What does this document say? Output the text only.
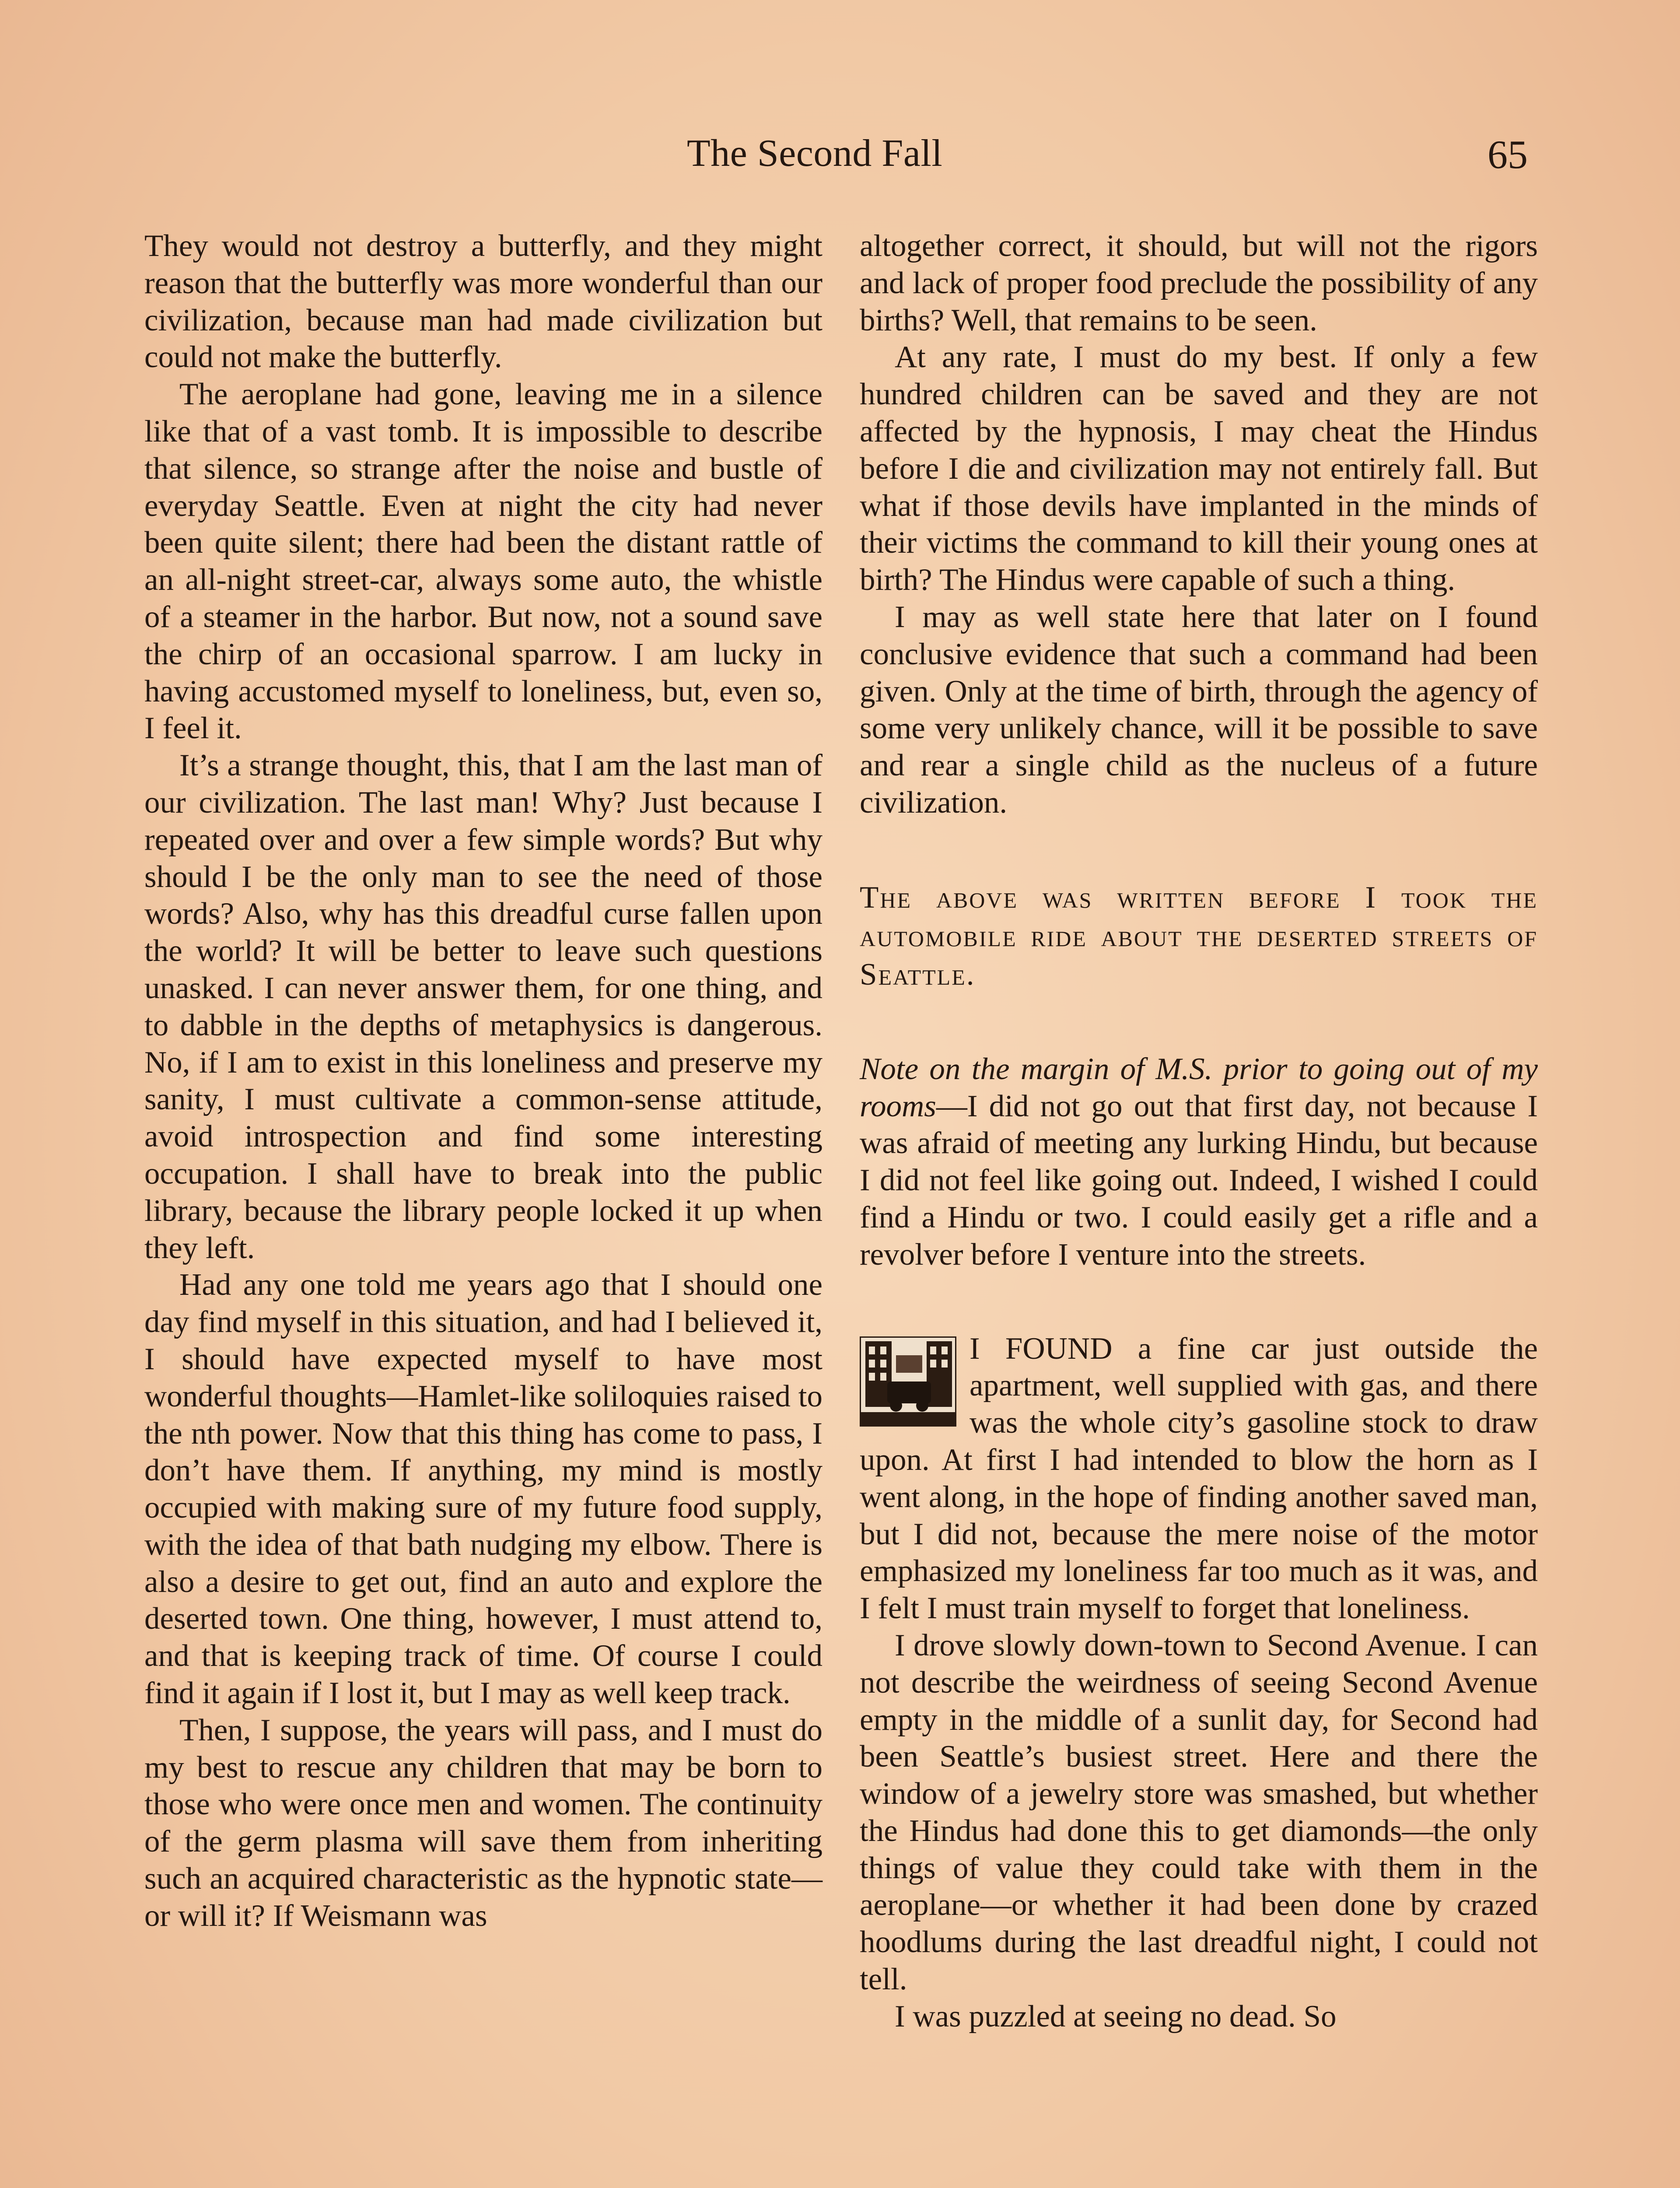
The Second Fall	65

They would not destroy a butterfly, and they might reason that the butterfly was more wonderful than our civilization, because man had made civilization but could not make the butterfly.

The aeroplane had gone, leaving me in a silence like that of a vast tomb. It is impossible to describe that silence, so strange after the noise and bustle of everyday Seattle. Even at night the city had never been quite silent; there had been the distant rattle of an all-night street-car, always some auto, the whistle of a steamer in the harbor. But now, not a sound save the chirp of an occasional sparrow. I am lucky in having accustomed myself to loneliness, but, even so, I feel it.

It’s a strange thought, this, that I am the last man of our civilization. The last man! Why? Just because I repeated over and over a few simple words? But why should I be the only man to see the need of those words? Also, why has this dreadful curse fallen upon the world? It will be better to leave such questions unasked. I can never answer them, for one thing, and to dabble in the depths of metaphysics is dangerous. No, if I am to exist in this loneliness and preserve my sanity, I must cultivate a common-sense attitude, avoid introspection and find some interesting occupation. I shall have to break into the public library, because the library people locked it up when they left.

Had any one told me years ago that I should one day find myself in this situation, and had I believed it, I should have expected myself to have most wonderful thoughts—Hamlet-like soliloquies raised to the nth power. Now that this thing has come to pass, I don’t have them. If anything, my mind is mostly occupied with making sure of my future food supply, with the idea of that bath nudging my elbow. There is also a desire to get out, find an auto and explore the deserted town. One thing, however, I must attend to, and that is keeping track of time. Of course I could find it again if I lost it, but I may as well keep track.

Then, I suppose, the years will pass, and I must do my best to rescue any children that may be born to those who were once men and women. The continuity of the germ plasma will save them from inheriting such an acquired characteristic as the hypnotic state—or will it? If Weismann was

altogether correct, it should, but will not the rigors and lack of proper food preclude the possibility of any births? Well, that remains to be seen.

At any rate, I must do my best. If only a few hundred children can be saved and they are not affected by the hypnosis, I may cheat the Hindus before I die and civilization may not entirely fall. But what if those devils have implanted in the minds of their victims the command to kill their young ones at birth? The Hindus were capable of such a thing.

I may as well state here that later on I found conclusive evidence that such a command had been given. Only at the time of birth, through the agency of some very unlikely chance, will it be possible to save and rear a single child as the nucleus of a future civilization.

The above was written before I took the automobile ride about the deserted streets of Seattle.

Note on the margin of M.S. prior to going out of my rooms—I did not go out that first day, not because I was afraid of meeting any lurking Hindu, but because I did not feel like going out. Indeed, I wished I could find a Hindu or two. I could easily get a rifle and a revolver before I venture into the streets.

I FOUND a fine car just outside the apartment, well supplied with gas, and there was the whole city’s gasoline stock to draw upon. At first I had intended to blow the horn as I went along, in the hope of finding another saved man, but I did not, because the mere noise of the motor emphasized my loneliness far too much as it was, and I felt I must train myself to forget that loneliness.

I drove slowly down-town to Second Avenue. I can not describe the weirdness of seeing Second Avenue empty in the middle of a sunlit day, for Second had been Seattle’s busiest street. Here and there the window of a jewelry store was smashed, but whether the Hindus had done this to get diamonds—the only things of value they could take with them in the aeroplane—or whether it had been done by crazed hoodlums during the last dreadful night, I could not tell.

I was puzzled at seeing no dead. So
